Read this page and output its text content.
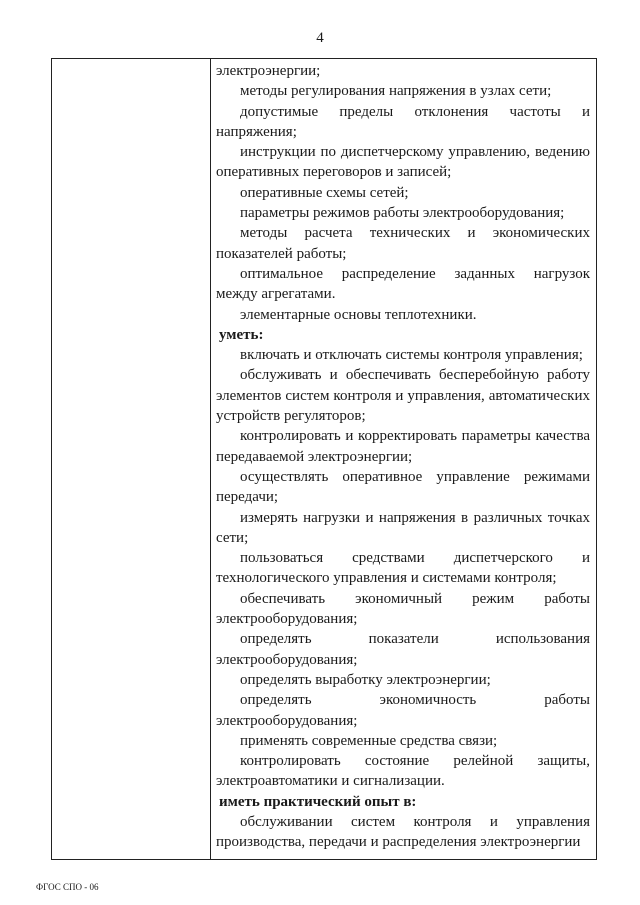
4

электроэнергии;

методы регулирования напряжения в узлах сети;

допустимые пределы отклонения частоты и напряжения;

инструкции по диспетчерскому управлению, ведению оперативных переговоров и записей;

оперативные схемы сетей;

параметры режимов работы электрооборудования;

методы расчета технических и экономических показателей работы;

оптимальное распределение заданных нагрузок между агрегатами.

элементарные основы теплотехники.

уметь:

включать и отключать системы контроля управления;

обслуживать и обеспечивать бесперебойную работу элементов систем контроля и управления, автоматических устройств регуляторов;

контролировать и корректировать параметры качества передаваемой электроэнергии;

осуществлять оперативное управление режимами передачи;

измерять нагрузки и напряжения в различных точках сети;

пользоваться средствами диспетчерского и технологического управления и системами контроля;

обеспечивать экономичный режим работы электрооборудования;

определять показатели использования электрооборудования;

определять выработку электроэнергии;

определять экономичность работы электрооборудования;

применять современные средства связи;

контролировать состояние релейной защиты, электроавтоматики и сигнализации.

иметь практический опыт в:

обслуживании систем контроля и управления производства, передачи и распределения электроэнергии

ФГОС СПО - 06
